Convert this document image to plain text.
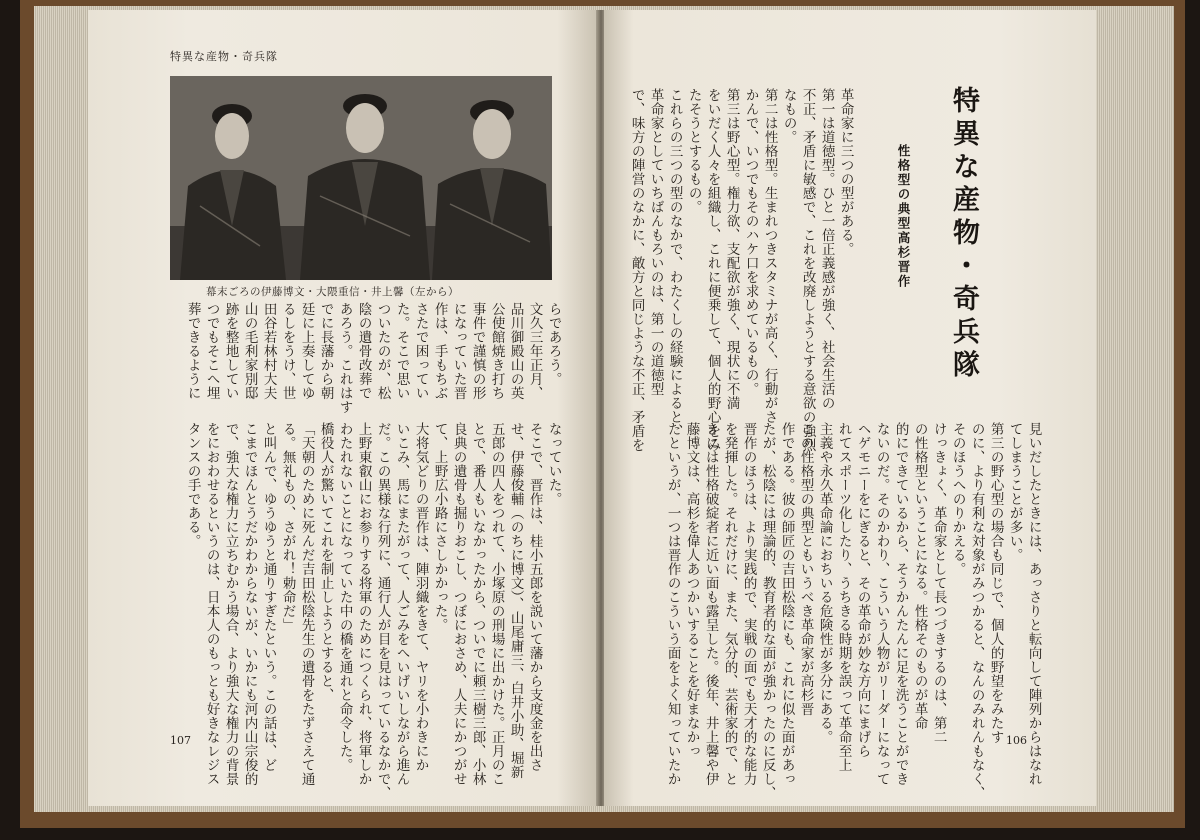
特異な産物・奇兵隊
幕末ごろの伊藤博文・大隈重信・井上馨（左から）
らであろう。
文久三年正月、
品川御殿山の英
公使館焼き打ち
事件で謹慎の形
になっていた晋
作は、手もちぶ
さたで困ってい
た。そこで思い
ついたのが、松
陰の遺骨改葬で
あろう。これはす
でに長藩から朝
廷に上奏してゆ
るしをうけ、世
田谷若林村大夫
山の毛利家別邸
跡を整地してい
つでもそこへ埋
葬できるように
なっていた。
そこで、晋作は、桂小五郎を説いて藩から支度金を出さ
せ、伊藤俊輔（のちに博文）、山尾庸三、白井小助、堀新
五郎の四人をつれて、小塚原の刑場に出かけた。正月のこ
とで、番人もいなかったから、ついでに頼三樹三郎、小林
良典の遺骨も掘りおこし、つぼにおさめ、人夫にかつがせ
て、上野広小路にさしかかった。
大将気どりの晋作は、陣羽織をきて、ヤリを小わきにか
いこみ、馬にまたがって、人ごみをへいげいしながら進ん
だ。この異様な行列に、通行人が目を見はっているなかで、
上野東叡山にお参りする将軍のためにつくられ、将軍しか
わたれないことになっていた中の橋を通れと命令した。
橋役人が驚いてこれを制止しようとすると、
「天朝のために死んだ吉田松陰先生の遺骨をたずさえて通
る。無礼もの、さがれ！勅命だ」
と叫んで、ゆうゆうと通りすぎたという。この話は、ど
こまでほんとうだかわからないが、いかにも河内山宗俊的
で、強大な権力に立ちむかう場合、より強大な権力の背景
をにおわせるというのは、日本人のもっとも好きなレジス
タンスの手である。
107
特異な産物・奇兵隊
性格型の典型高杉晋作
革命家に三つの型がある。
第一は道徳型。ひと一倍正義感が強く、社会生活の
不正、矛盾に敏感で、これを改廃しようとする意欲の強烈
なもの。
第二は性格型。生まれつきスタミナが高く、行動がさ
かんで、いつでもそのハケ口を求めているもの。
第三は野心型。権力欲、支配欲が強く、現状に不満
をいだく人々を組織し、これに便乗して、個人的野心をみ
たそうとするもの。
これらの三つの型のなかで、わたくしの経験によると、
革命家としていちばんもろいのは、第一の道徳型
で、味方の陣営のなかに、敵方と同じような不正、矛盾を
見いだしたときには、あっさりと転向して陣列からはなれ
てしまうことが多い。
第三の野心型の場合も同じで、個人的野望をみたす
のに、より有利な対象がみつかると、なんのみれんもなく、
そのほうへのりかえる。
けっきょく、革命家として長つづきするのは、第二
の性格型ということになる。性格そのものが革命
的にできているから、そうかんたんに足を洗うことができ
ないのだ。そのかわり、こういう人物がリーダーになって
ヘゲモニーをにぎると、その革命が妙な方向にまげら
れてスポーツ化したり、うちきる時期を誤って革命至上
主義や永久革命論におちいる危険性が多分にある。
この性格型の典型ともいうべき革命家が高杉晋
作である。彼の師匠の吉田松陰にも、これに似た面があっ
たが、松陰には理論的、教育者的な面が強かったのに反し、
晋作のほうは、より実践的で、実戦の面でも天才的な能力
を発揮した。それだけに、また、気分的、芸術家的で、と
きには性格破綻者に近い面も露呈した。後年、井上馨や伊
藤博文は、高杉を偉人あつかいすることを好まなかっ
たというが、一つは晋作のこういう面をよく知っていたか	106
